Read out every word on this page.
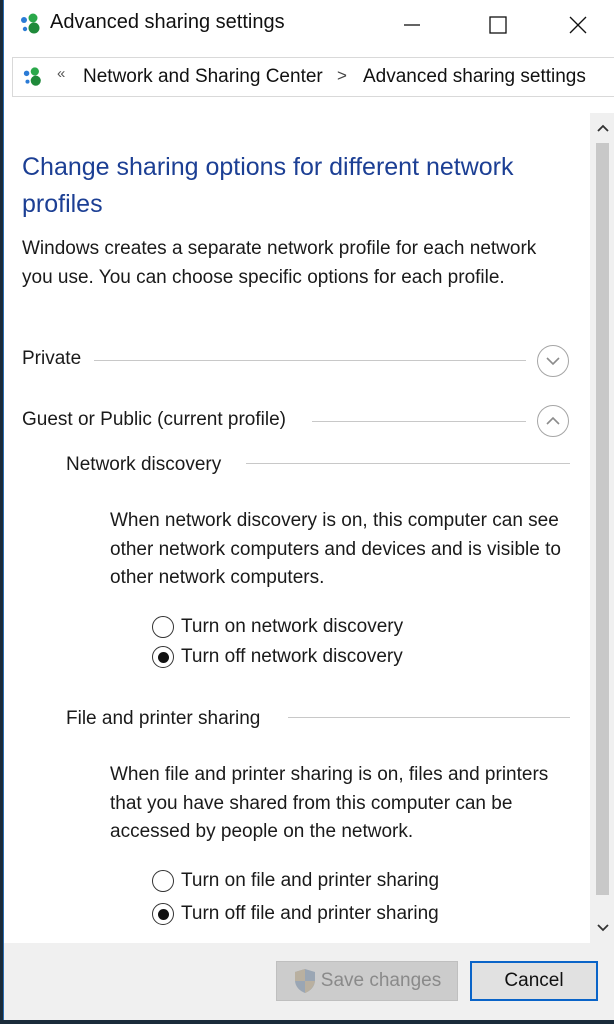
Advanced sharing settings
« Network and Sharing Center > Advanced sharing settings
Change sharing options for different network profiles
Windows creates a separate network profile for each network you use. You can choose specific options for each profile.
Private
Guest or Public (current profile)
Network discovery
When network discovery is on, this computer can see other network computers and devices and is visible to other network computers.
Turn on network discovery
Turn off network discovery
File and printer sharing
When file and printer sharing is on, files and printers that you have shared from this computer can be accessed by people on the network.
Turn on file and printer sharing
Turn off file and printer sharing
Save changes	Cancel
